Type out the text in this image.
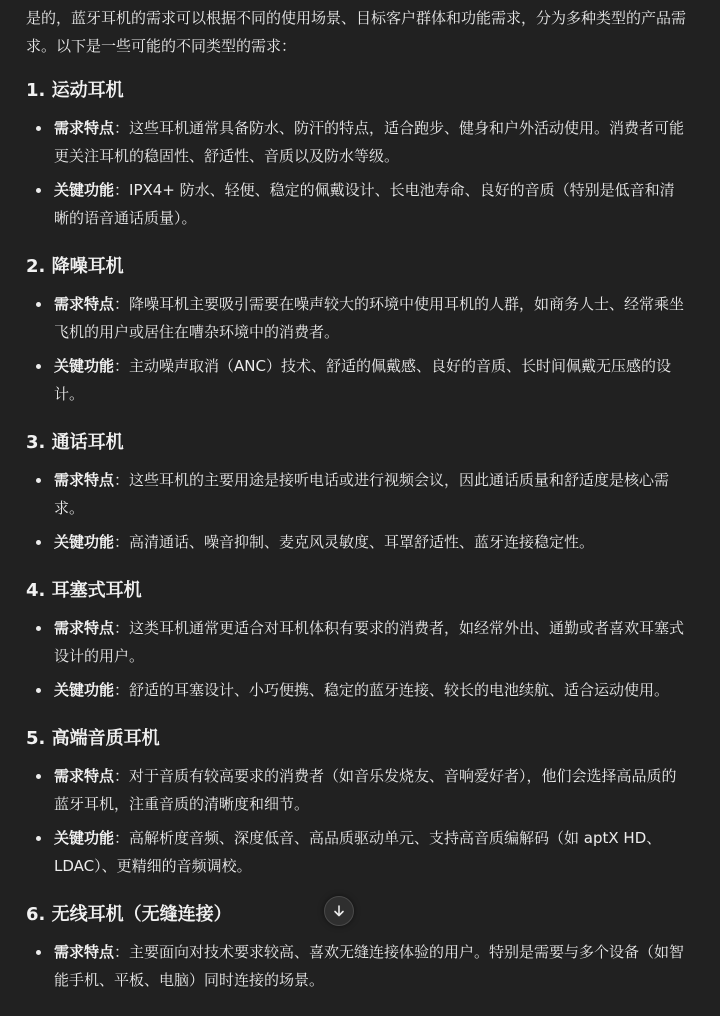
是的，蓝牙耳机的需求可以根据不同的使用场景、目标客户群体和功能需求，分为多种类型的产品需求。以下是一些可能的不同类型的需求：

1. 运动耳机
需求特点：这些耳机通常具备防水、防汗的特点，适合跑步、健身和户外活动使用。消费者可能更关注耳机的稳固性、舒适性、音质以及防水等级。
关键功能：IPX4+ 防水、轻便、稳定的佩戴设计、长电池寿命、良好的音质（特别是低音和清晰的语音通话质量）。
2. 降噪耳机
需求特点：降噪耳机主要吸引需要在噪声较大的环境中使用耳机的人群，如商务人士、经常乘坐飞机的用户或居住在嘈杂环境中的消费者。
关键功能：主动噪声取消（ANC）技术、舒适的佩戴感、良好的音质、长时间佩戴无压感的设计。
3. 通话耳机
需求特点：这些耳机的主要用途是接听电话或进行视频会议，因此通话质量和舒适度是核心需求。
关键功能：高清通话、噪音抑制、麦克风灵敏度、耳罩舒适性、蓝牙连接稳定性。
4. 耳塞式耳机
需求特点：这类耳机通常更适合对耳机体积有要求的消费者，如经常外出、通勤或者喜欢耳塞式设计的用户。
关键功能：舒适的耳塞设计、小巧便携、稳定的蓝牙连接、较长的电池续航、适合运动使用。
5. 高端音质耳机
需求特点：对于音质有较高要求的消费者（如音乐发烧友、音响爱好者），他们会选择高品质的蓝牙耳机，注重音质的清晰度和细节。
关键功能：高解析度音频、深度低音、高品质驱动单元、支持高音质编解码（如 aptX HD、LDAC）、更精细的音频调校。
6. 无线耳机（无缝连接）
需求特点：主要面向对技术要求较高、喜欢无缝连接体验的用户。特别是需要与多个设备（如智能手机、平板、电脑）同时连接的场景。
